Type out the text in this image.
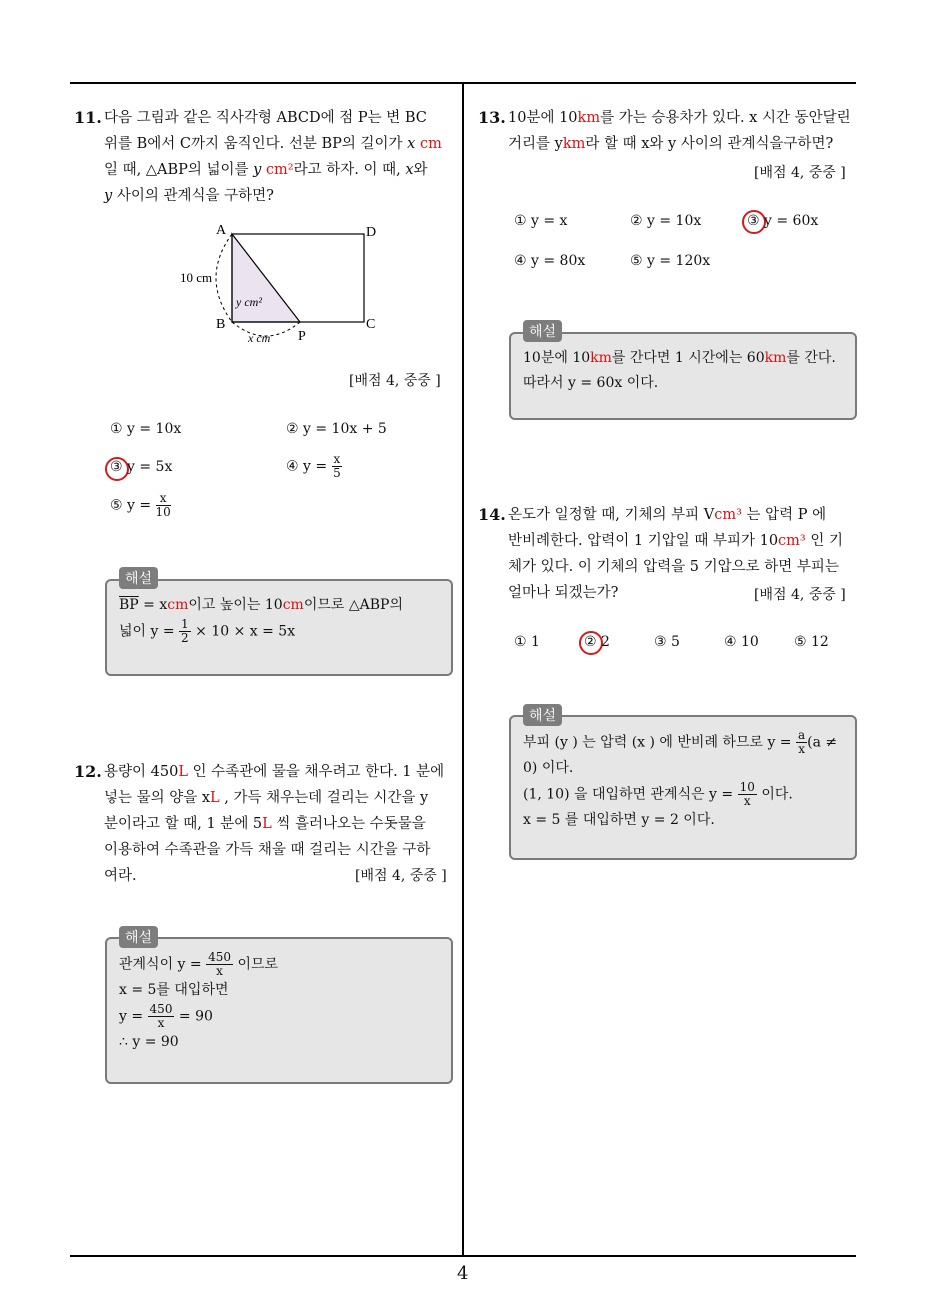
11. 다음 그림과 같은 직사각형 ABCD에 점 P는 변 BC
위를 B에서 C까지 움직인다. 선분 BP의 길이가 x cm
일 때, △ABP의 넓이를 y cm²라고 하자. 이 때, x와
y 사이의 관계식을 구하면?
A	D
B	C
P
10 cm
y cm²
x cm
[배점 4, 중중 ]
① y = 10x	② y = 10x + 5
③ y = 5x	④ $y = \frac{x}{5}$
⑤ $y = \frac{x}{10}$
$\overline{BP}$ = xcm이고 높이는 10cm이므로 △ABP의
넓이 $y = \frac{1}{2} \times 10 \times x = 5x$
해설
12. 용량이 450L 인 수족관에 물을 채우려고 한다. 1 분에
넣는 물의 양을 xL , 가득 채우는데 걸리는 시간을 y
분이라고 할 때, 1 분에 5L 씩 흘러나오는 수돗물을
이용하여 수족관을 가득 채울 때 걸리는 시간을 구하
여라.	[배점 4, 중중 ]
관계식이 $y = \frac{450}{x}$ 이므로
x = 5를 대입하면
$y = \frac{450}{x} = 90$
∴ y = 90
해설
13. 10분에 10km를 가는 승용차가 있다. x 시간 동안달린
거리를 ykm라 할 때 x와 y 사이의 관계식을구하면?
[배점 4, 중중 ]
① y = x	② y = 10x	③ y = 60x
④ y = 80x	⑤ y = 120x
10분에 10km를 간다면 1 시간에는 60km를 간다.
따라서 y = 60x 이다.
해설
14. 온도가 일정할 때, 기체의 부피 Vcm³ 는 압력 P 에
반비례한다. 압력이 1 기압일 때 부피가 10cm³ 인 기
체가 있다. 이 기체의 압력을 5 기압으로 하면 부피는
얼마나 되겠는가?	[배점 4, 중중 ]
① 1	② 2	③ 5	④ 10	⑤ 12
부피 (y ) 는 압력 (x ) 에 반비례 하므로 $y = \frac{a}{x} (a$ ≠
0) 이다.
(1, 10) 을 대입하면 관계식은 $y = \frac{10}{x}$ 이다.
x = 5 를 대입하면 y = 2 이다.
해설
4
